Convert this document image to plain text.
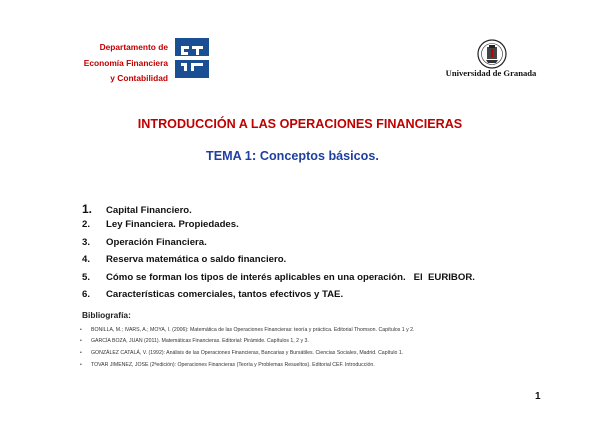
Departamento de
Economía Financiera
y Contabilidad	Universidad de Granada
INTRODUCCIÓN A LAS OPERACIONES FINANCIERAS
TEMA 1: Conceptos básicos.
1.	Capital Financiero.
2.	Ley Financiera. Propiedades.
3.	Operación Financiera.
4.	Reserva matemática o saldo financiero.
5.	Cómo se forman los tipos de interés aplicables en una operación.   El  EURIBOR.
6.	Características comerciales, tantos efectivos y TAE.
Bibliografía:
•	BONILLA, M.; IVARS, A.; MOYA, I. (2006): Matemática de las Operaciones Financieras: teoría y práctica. Editorial Thomson. Capítulos 1 y 2.
•	GARCÍA BOZA, JUAN (2011). Matemáticas Financieras. Editorial: Pirámide. Capítulos 1, 2 y 3.
•	GONZÁLEZ CATALÁ, V. (1992): Análisis de las Operaciones Financieras, Bancarias y Bursátiles. Ciencias Sociales, Madrid. Capítulo 1.
•	TOVAR JIMENEZ, JOSE (2ªedición): Operaciones Financieras (Teoría y Problemas Resueltos). Editorial CEF. Introducción.
1
